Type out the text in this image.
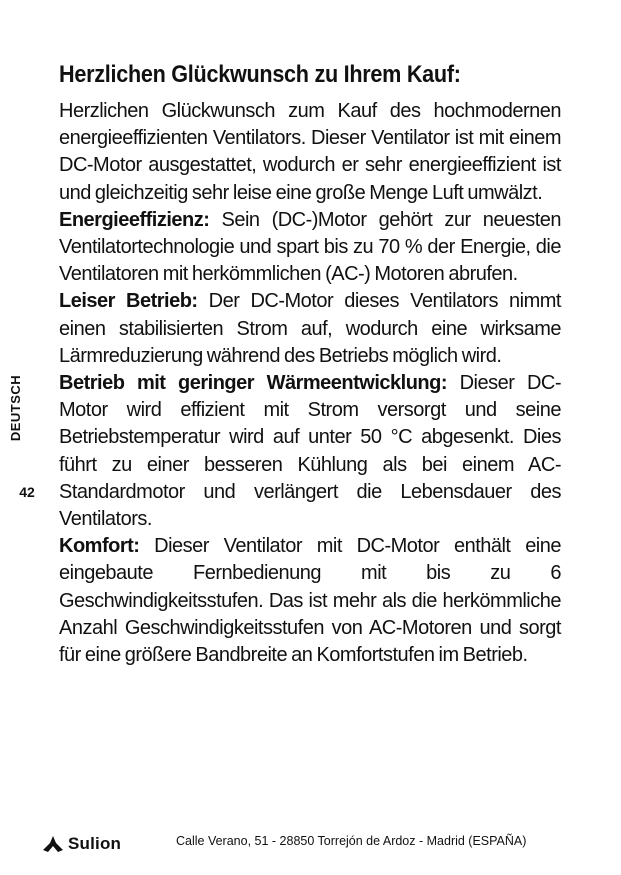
DEUTSCH
42
Herzlichen Glückwunsch zu Ihrem Kauf:

Herzlichen Glückwunsch zum Kauf des hochmodernen energieeffizienten Ventilators. Dieser Ventilator ist mit einem DC-Motor ausgestattet, wodurch er sehr energieeffizient ist und gleichzeitig sehr leise eine große Menge Luft umwälzt.

Energieeffizienz: Sein (DC-)Motor gehört zur neuesten Ventilatortechnologie und spart bis zu 70 % der Energie, die Ventilatoren mit herkömmlichen (AC-) Motoren abrufen.

Leiser Betrieb: Der DC-Motor dieses Ventilators nimmt einen stabilisierten Strom auf, wodurch eine wirksame Lärmreduzierung während des Betriebs möglich wird.

Betrieb mit geringer Wärmeentwicklung: Dieser DC-Motor wird effizient mit Strom versorgt und seine Betriebstemperatur wird auf unter 50 °C abgesenkt. Dies führt zu einer besseren Kühlung als bei einem AC-Standardmotor und verlängert die Lebensdauer des Ventilators.

Komfort: Dieser Ventilator mit DC-Motor enthält eine eingebaute Fernbedienung mit bis zu 6 Geschwindigkeitsstufen. Das ist mehr als die herkömmliche Anzahl Geschwindigkeitsstufen von AC-Motoren und sorgt für eine größere Bandbreite an Komfortstufen im Betrieb.

Sulion	Calle Verano, 51 - 28850 Torrejón de Ardoz - Madrid (ESPAÑA)
